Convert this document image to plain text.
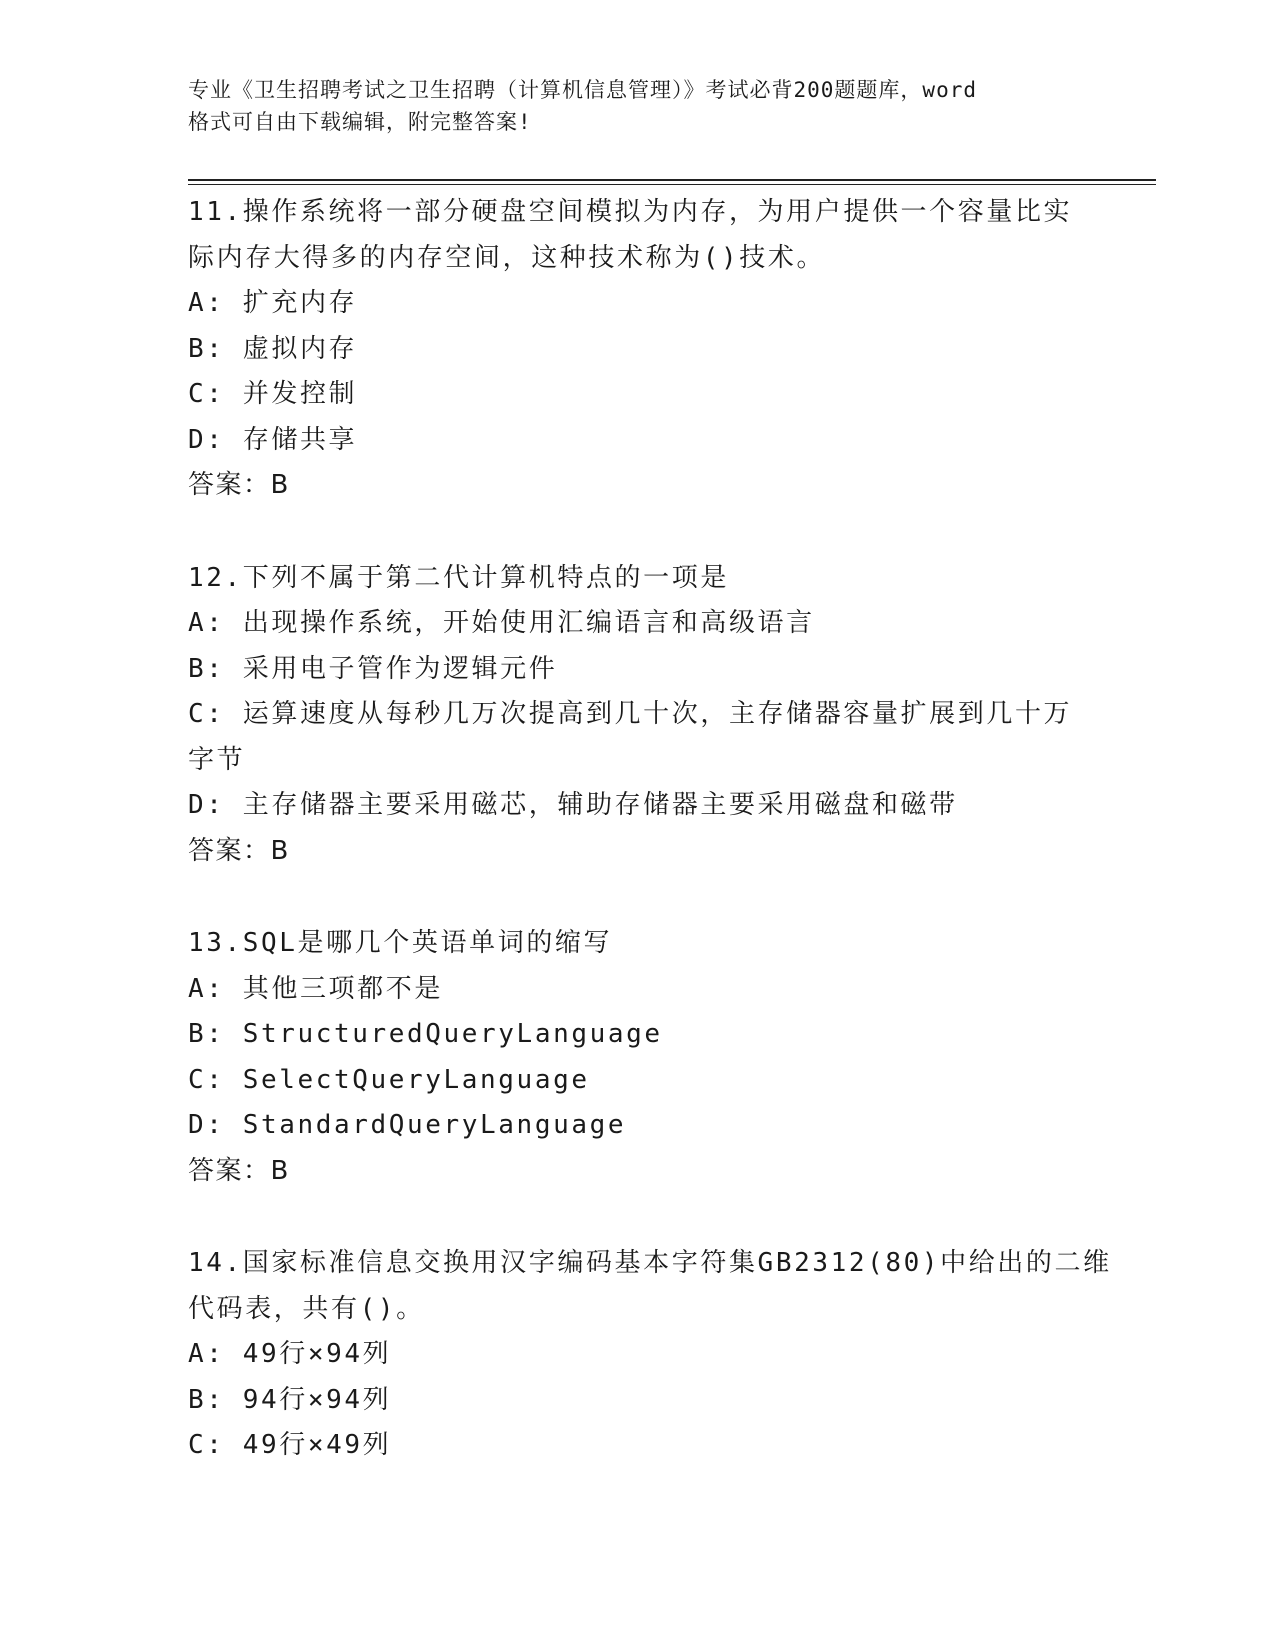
专业《卫生招聘考试之卫生招聘（计算机信息管理）》考试必背200题题库，word

格式可自由下载编辑，附完整答案!

11.操作系统将一部分硬盘空间模拟为内存，为用户提供一个容量比实

际内存大得多的内存空间，这种技术称为()技术。

A: 扩充内存

B: 虚拟内存

C: 并发控制

D: 存储共享

答案：B

12.下列不属于第二代计算机特点的一项是

A: 出现操作系统，开始使用汇编语言和高级语言

B: 采用电子管作为逻辑元件

C: 运算速度从每秒几万次提高到几十次，主存储器容量扩展到几十万

字节

D: 主存储器主要采用磁芯，辅助存储器主要采用磁盘和磁带

答案：B

13.SQL是哪几个英语单词的缩写

A: 其他三项都不是

B: StructuredQueryLanguage

C: SelectQueryLanguage

D: StandardQueryLanguage

答案：B

14.国家标准信息交换用汉字编码基本字符集GB2312(80)中给出的二维

代码表，共有()。

A: 49行×94列

B: 94行×94列

C: 49行×49列
